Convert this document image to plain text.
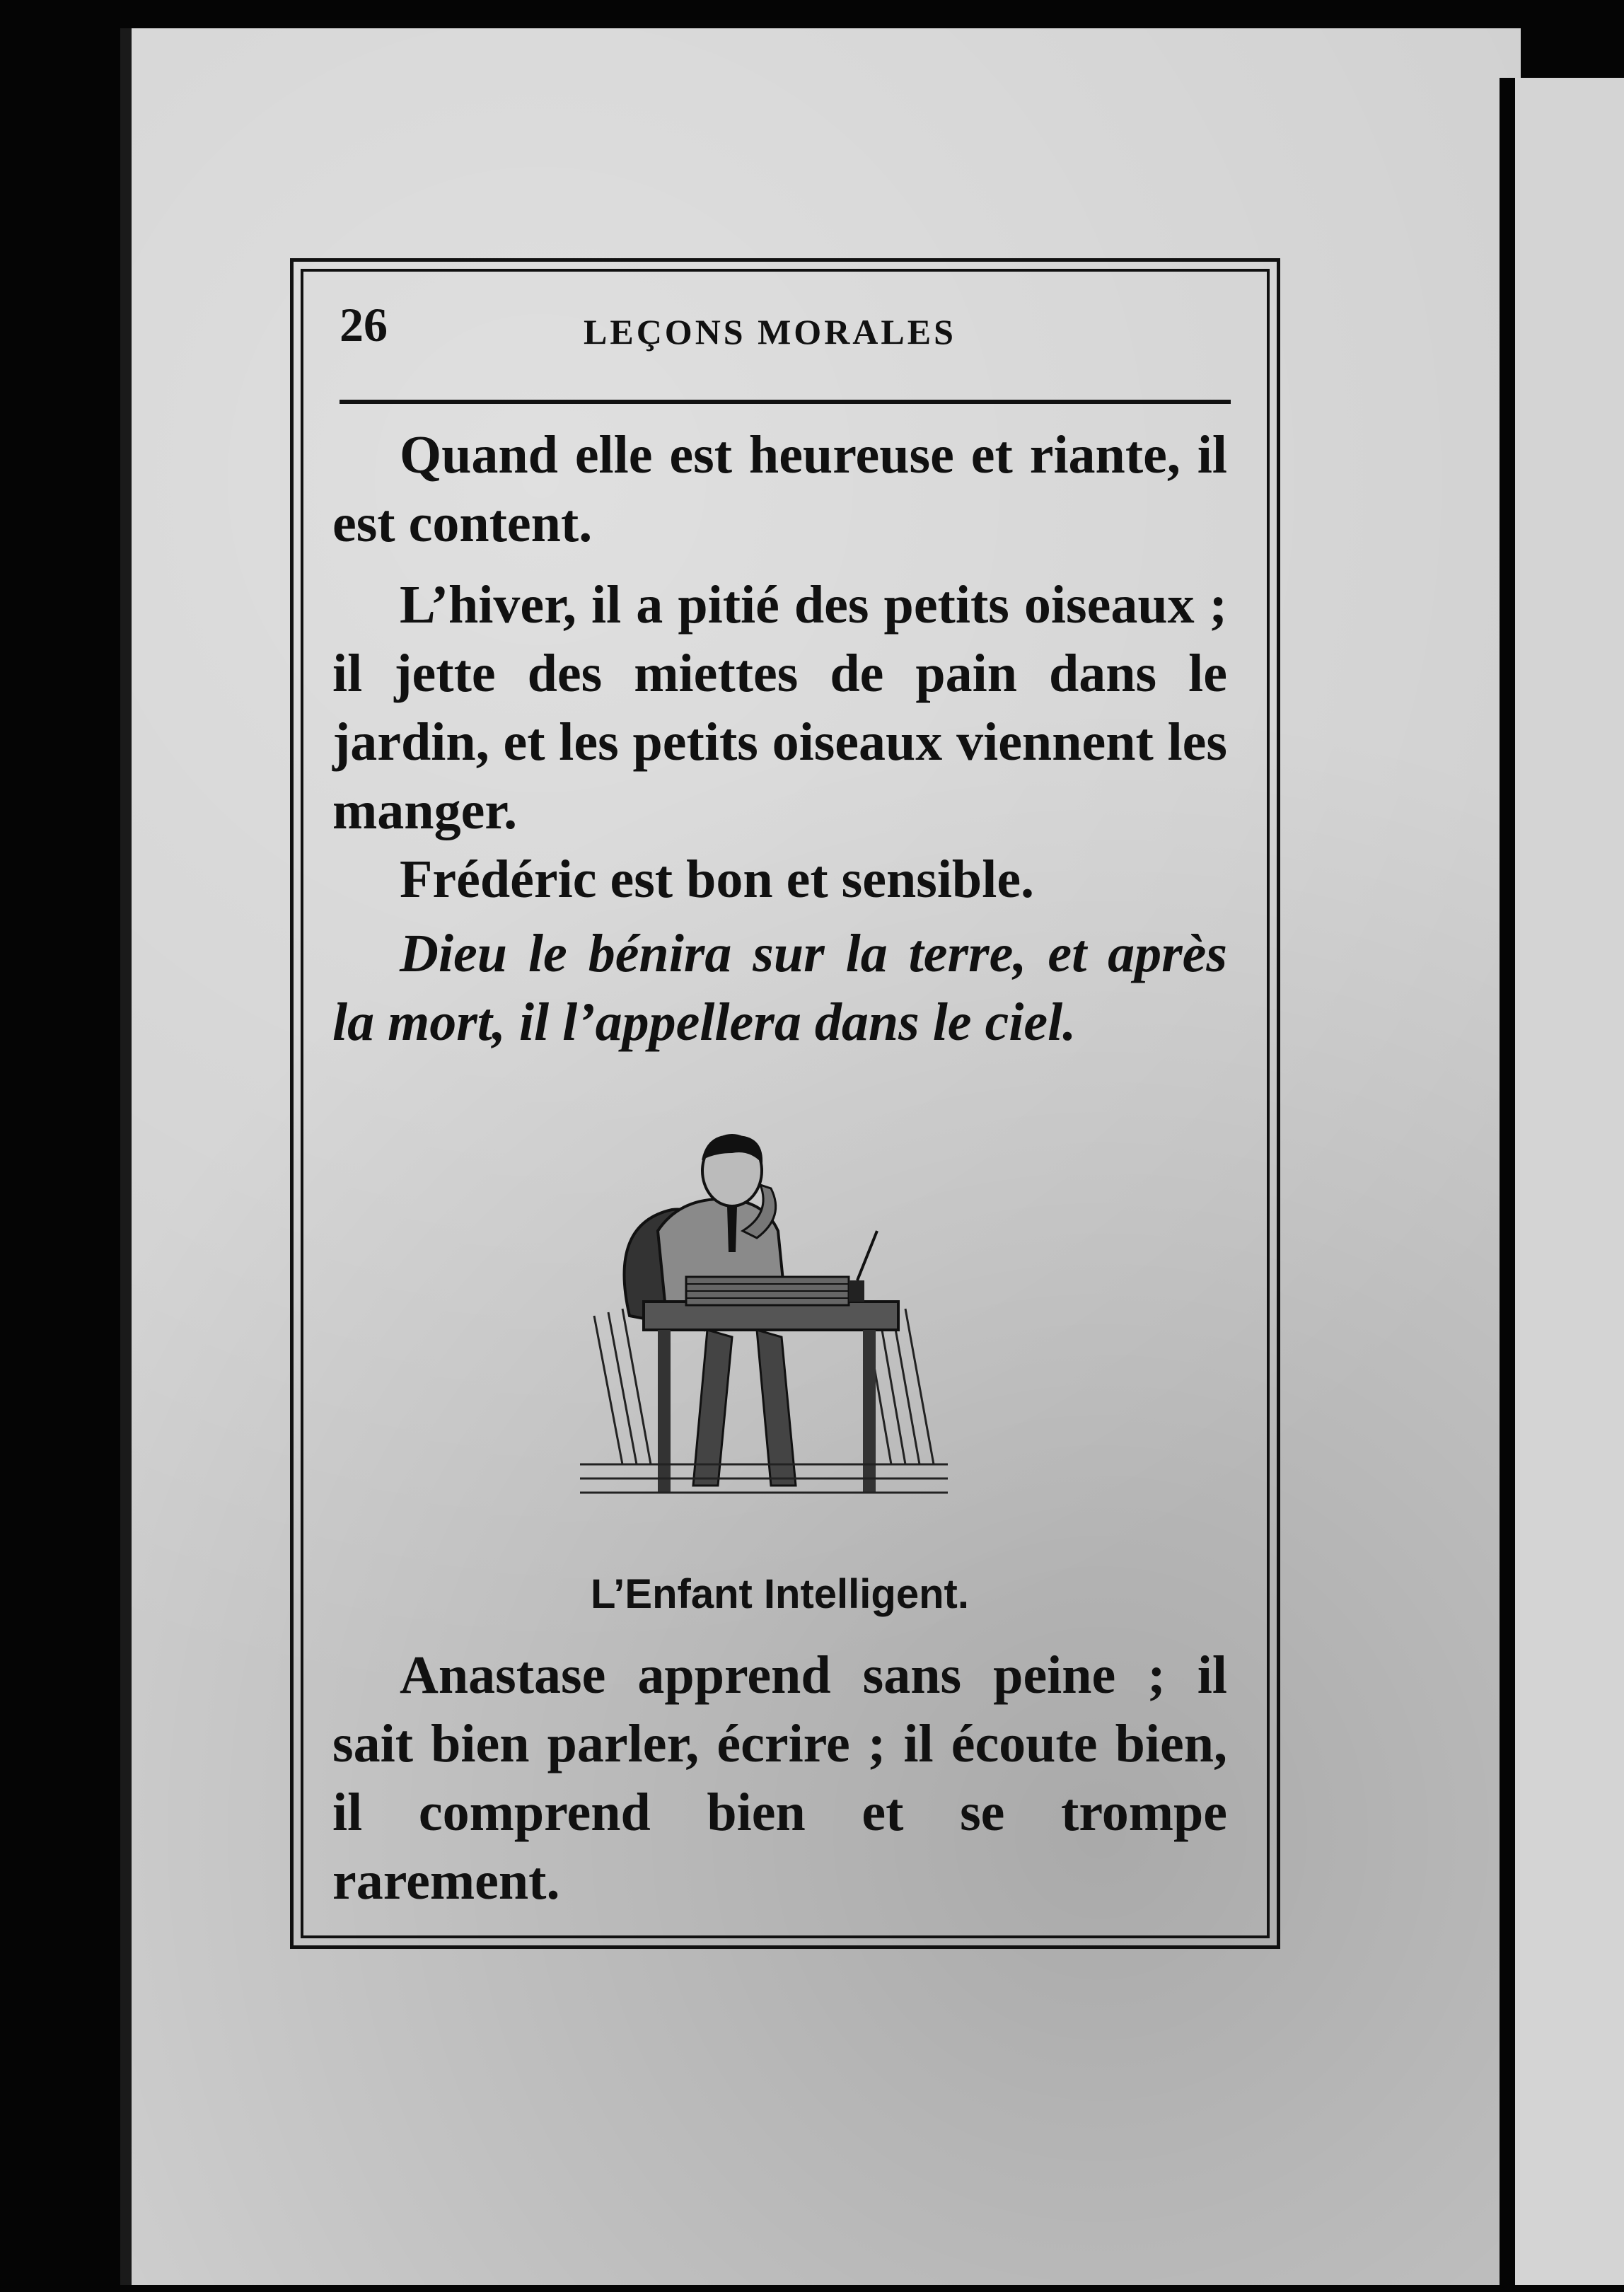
26	LEÇONS MORALES

Quand elle est heureuse et riante, il est content.

L’hiver, il a pitié des petits oiseaux ; il jette des miettes de pain dans le jardin, et les petits oiseaux viennent les manger.

Frédéric est bon et sensible.

Dieu le bénira sur la terre, et après la mort, il l’appellera dans le ciel.

L’Enfant Intelligent.

Anastase apprend sans peine ; il sait bien parler, écrire ; il écoute bien, il comprend bien et se trompe rarement.
